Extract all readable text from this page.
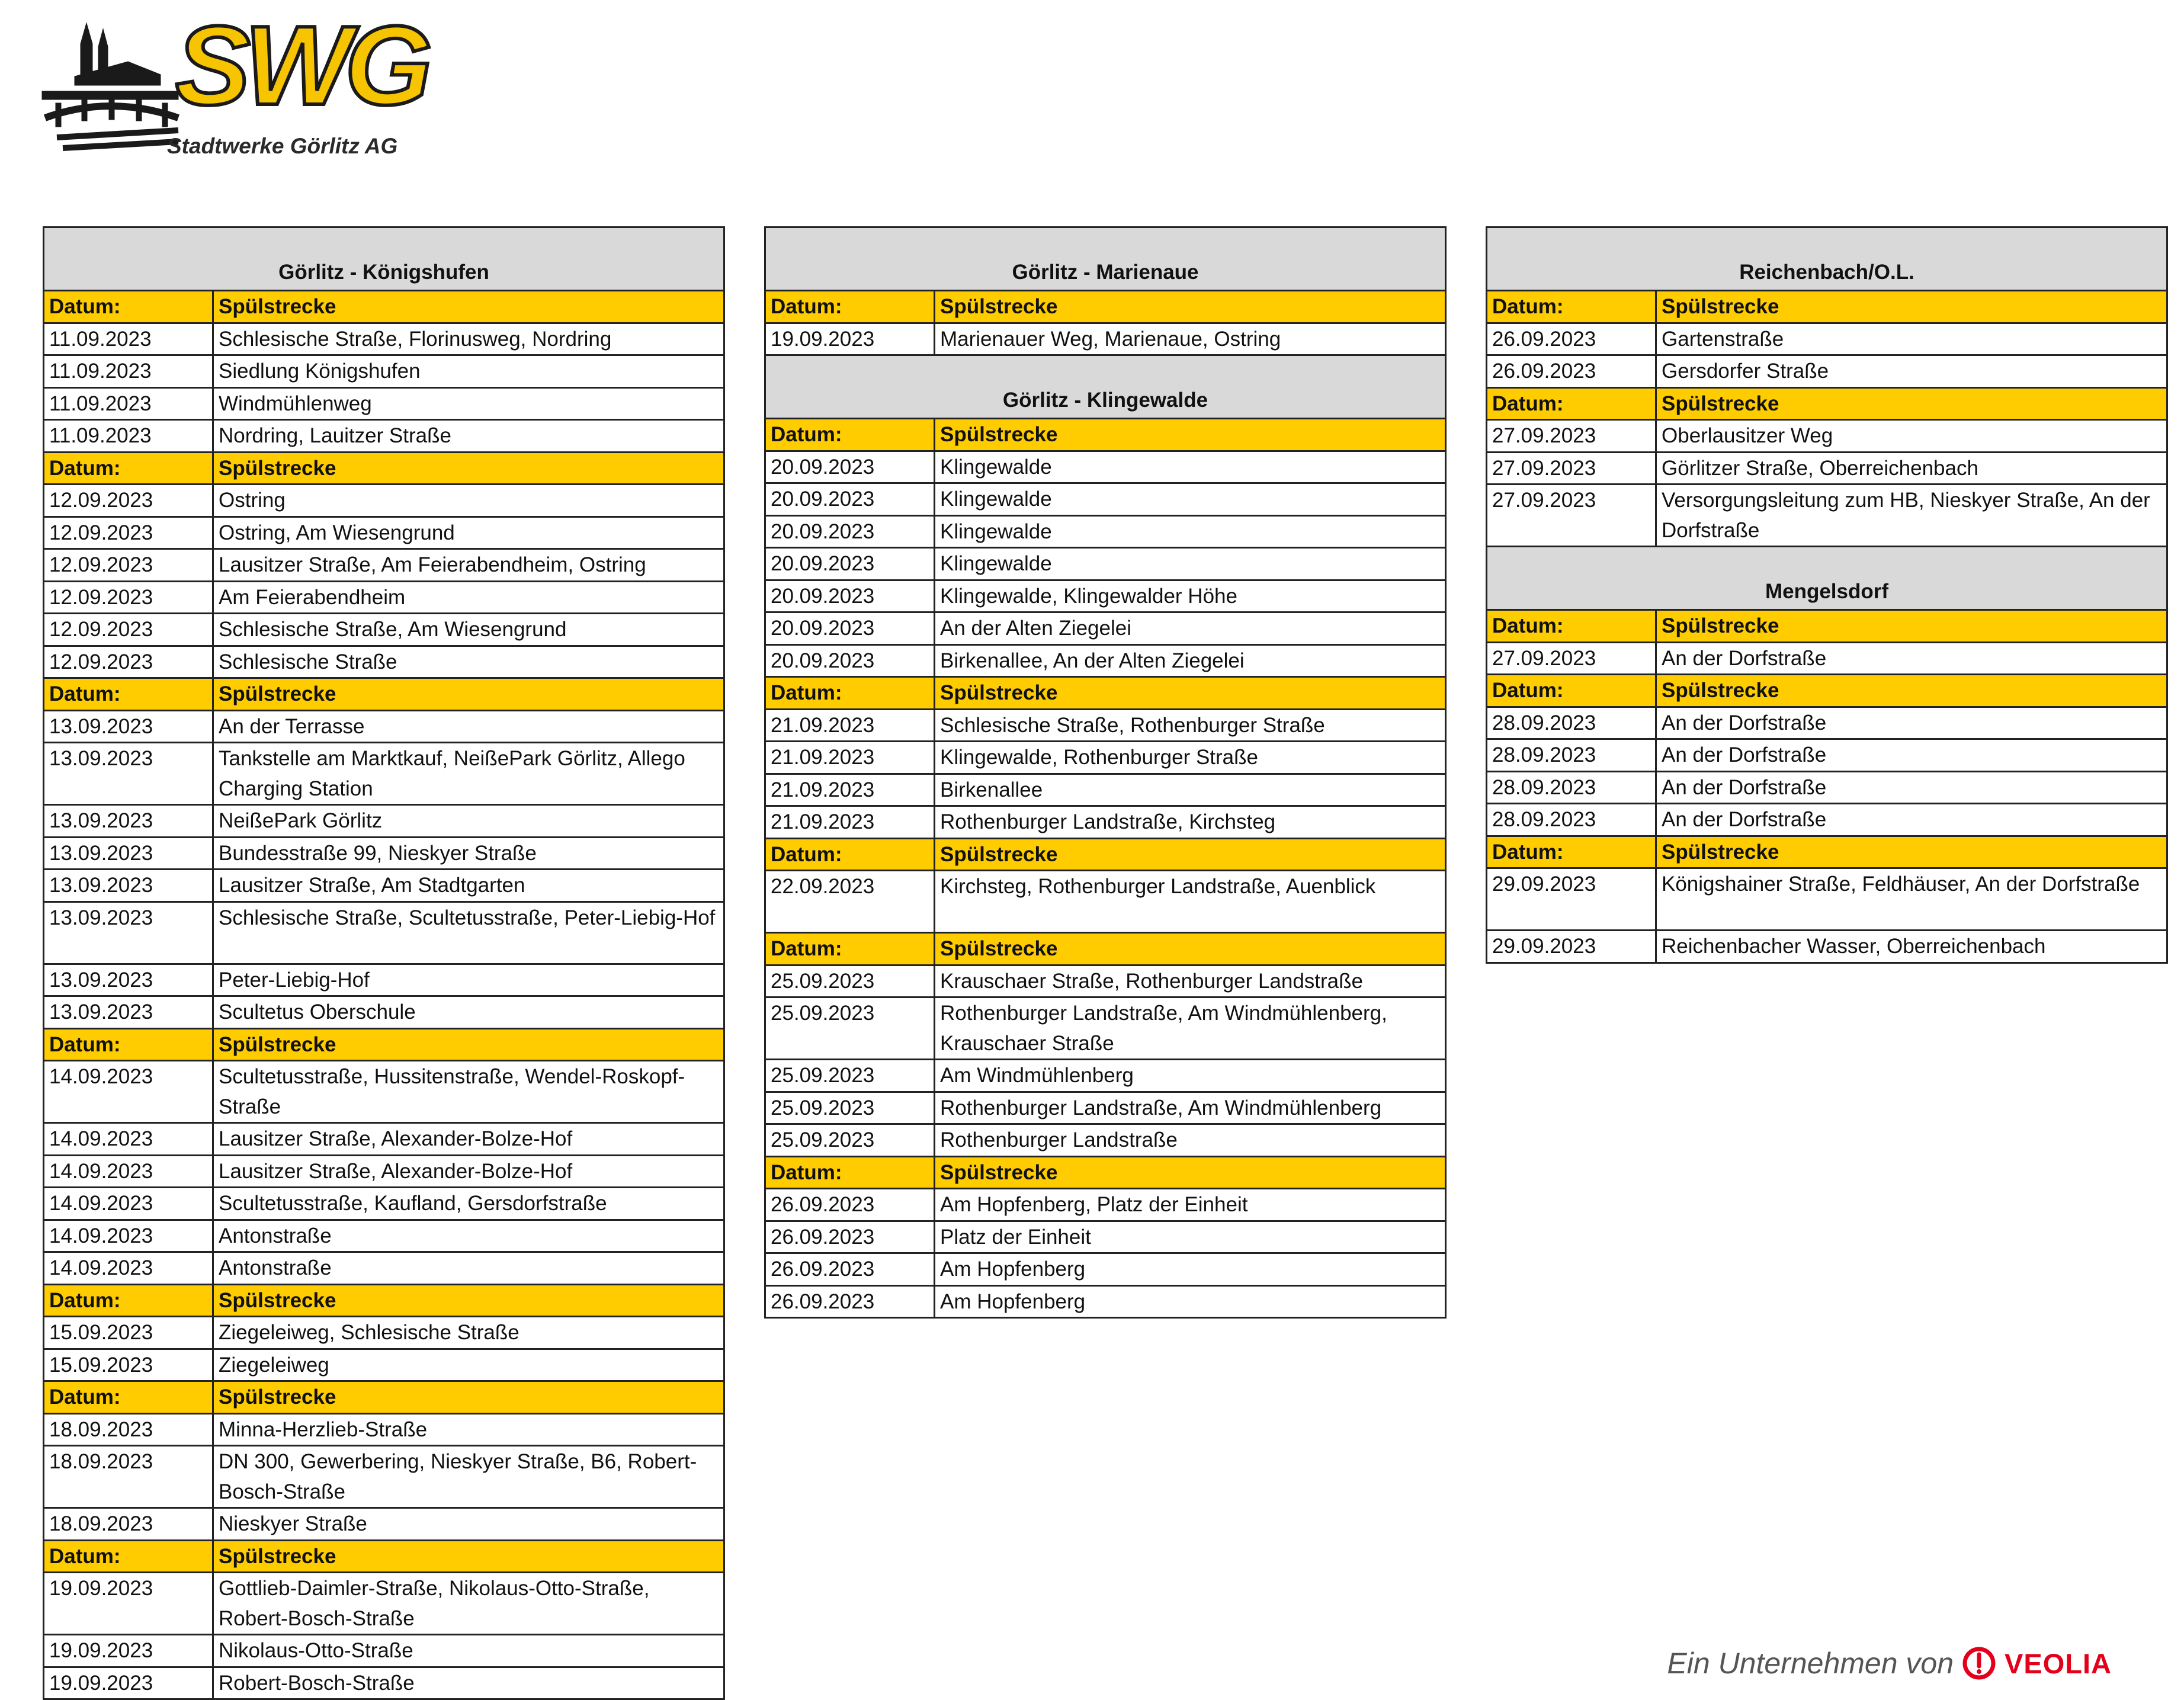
SWG
Stadtwerke Görlitz AG
Görlitz - Königshufen	
Datum:	Spülstrecke
11.09.2023	Schlesische Straße, Florinusweg, Nordring
11.09.2023	Siedlung Königshufen
11.09.2023	Windmühlenweg
11.09.2023	Nordring, Lauitzer Straße
Datum:	Spülstrecke
12.09.2023	Ostring
12.09.2023	Ostring, Am Wiesengrund
12.09.2023	Lausitzer Straße, Am Feierabendheim, Ostring
12.09.2023	Am Feierabendheim
12.09.2023	Schlesische Straße, Am Wiesengrund
12.09.2023	Schlesische Straße
Datum:	Spülstrecke
13.09.2023	An der Terrasse
13.09.2023	Tankstelle am Marktkauf, NeißePark Görlitz, Allego Charging Station
13.09.2023	NeißePark Görlitz
13.09.2023	Bundesstraße 99, Nieskyer Straße
13.09.2023	Lausitzer Straße, Am Stadtgarten
13.09.2023	Schlesische Straße, Scultetusstraße, Peter-Liebig-Hof
13.09.2023	Peter-Liebig-Hof
13.09.2023	Scultetus Oberschule
Datum:	Spülstrecke
14.09.2023	Scultetusstraße, Hussitenstraße, Wendel-Roskopf-Straße
14.09.2023	Lausitzer Straße, Alexander-Bolze-Hof
14.09.2023	Lausitzer Straße, Alexander-Bolze-Hof
14.09.2023	Scultetusstraße, Kaufland, Gersdorfstraße
14.09.2023	Antonstraße
14.09.2023	Antonstraße
Datum:	Spülstrecke
15.09.2023	Ziegeleiweg, Schlesische Straße
15.09.2023	Ziegeleiweg
Datum:	Spülstrecke
18.09.2023	Minna-Herzlieb-Straße
18.09.2023	DN 300, Gewerbering, Nieskyer Straße, B6, Robert-Bosch-Straße
18.09.2023	Nieskyer Straße
Datum:	Spülstrecke
19.09.2023	Gottlieb-Daimler-Straße, Nikolaus-Otto-Straße, Robert-Bosch-Straße
19.09.2023	Nikolaus-Otto-Straße
19.09.2023	Robert-Bosch-Straße
Görlitz - Marienaue	
Datum:	Spülstrecke
19.09.2023	Marienauer Weg, Marienaue, Ostring
Görlitz - Klingewalde	
Datum:	Spülstrecke
20.09.2023	Klingewalde
20.09.2023	Klingewalde
20.09.2023	Klingewalde
20.09.2023	Klingewalde
20.09.2023	Klingewalde, Klingewalder Höhe
20.09.2023	An der Alten Ziegelei
20.09.2023	Birkenallee, An der Alten Ziegelei
Datum:	Spülstrecke
21.09.2023	Schlesische Straße, Rothenburger Straße
21.09.2023	Klingewalde, Rothenburger Straße
21.09.2023	Birkenallee
21.09.2023	Rothenburger Landstraße, Kirchsteg
Datum:	Spülstrecke
22.09.2023	Kirchsteg, Rothenburger Landstraße, Auenblick
Datum:	Spülstrecke
25.09.2023	Krauschaer Straße, Rothenburger Landstraße
25.09.2023	Rothenburger Landstraße, Am Windmühlenberg, Krauschaer Straße
25.09.2023	Am Windmühlenberg
25.09.2023	Rothenburger Landstraße, Am Windmühlenberg
25.09.2023	Rothenburger Landstraße
Datum:	Spülstrecke
26.09.2023	Am Hopfenberg, Platz der Einheit
26.09.2023	Platz der Einheit
26.09.2023	Am Hopfenberg
26.09.2023	Am Hopfenberg
Reichenbach/O.L.	
Datum:	Spülstrecke
26.09.2023	Gartenstraße
26.09.2023	Gersdorfer Straße
Datum:	Spülstrecke
27.09.2023	Oberlausitzer Weg
27.09.2023	Görlitzer Straße, Oberreichenbach
27.09.2023	Versorgungsleitung zum HB, Nieskyer Straße, An der Dorfstraße
Mengelsdorf	
Datum:	Spülstrecke
27.09.2023	An der Dorfstraße
Datum:	Spülstrecke
28.09.2023	An der Dorfstraße
28.09.2023	An der Dorfstraße
28.09.2023	An der Dorfstraße
28.09.2023	An der Dorfstraße
Datum:	Spülstrecke
29.09.2023	Königshainer Straße, Feldhäuser, An der Dorfstraße
29.09.2023	Reichenbacher Wasser, Oberreichenbach
Ein Unternehmen von VEOLIA
